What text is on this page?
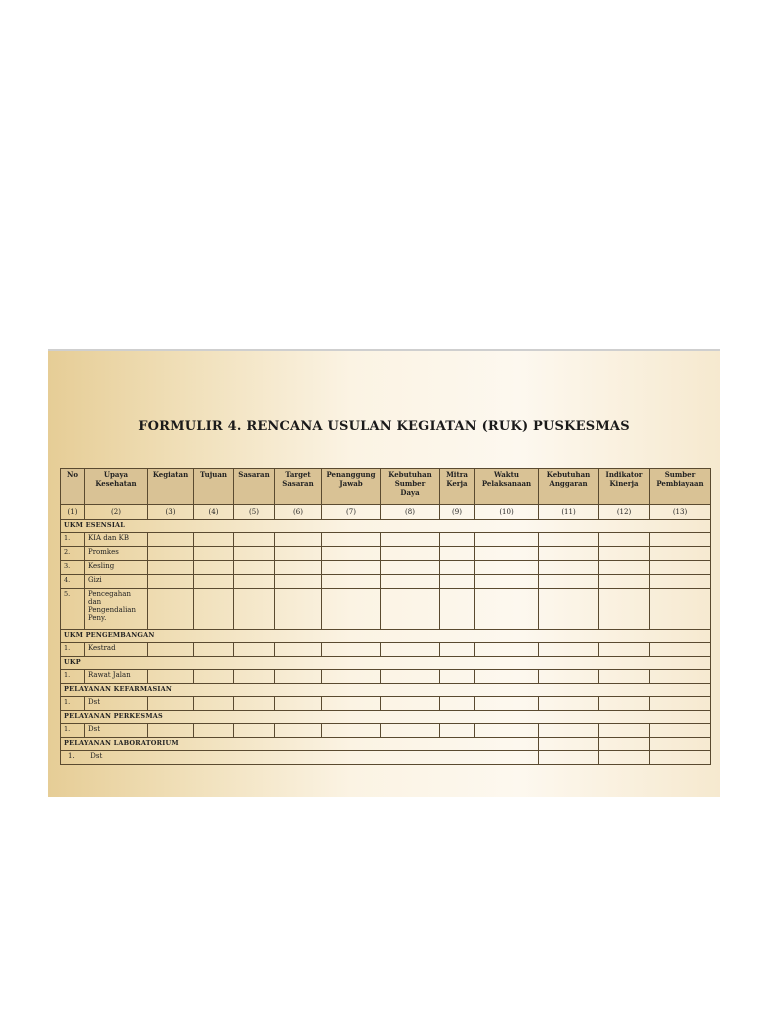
FORMULIR 4. RENCANA USULAN KEGIATAN (RUK) PUSKESMAS
No	Upaya Kesehatan	Kegiatan	Tujuan	Sasaran	Target Sasaran	Penanggung Jawab	Kebutuhan Sumber Daya	Mitra Kerja	Waktu Pelaksanaan	Kebutuhan Anggaran	Indikator Kinerja	Sumber Pembiayaan
(1)	(2)	(3)	(4)	(5)	(6)	(7)	(8)	(9)	(10)	(11)	(12)	(13)
UKM ESENSIAL												
1.	KIA dan KB											
2.	Promkes											
3.	Kesling											
4.	Gizi											
5.	Pencegahan dan Pengendalian Peny.											
UKM PENGEMBANGAN												
1.	Kestrad											
UKP												
1.	Rawat Jalan											
PELAYANAN KEFARMASIAN												
1.	Dst											
PELAYANAN PERKESMAS												
1.	Dst											
PELAYANAN LABORATORIUM												
1. Dst												
